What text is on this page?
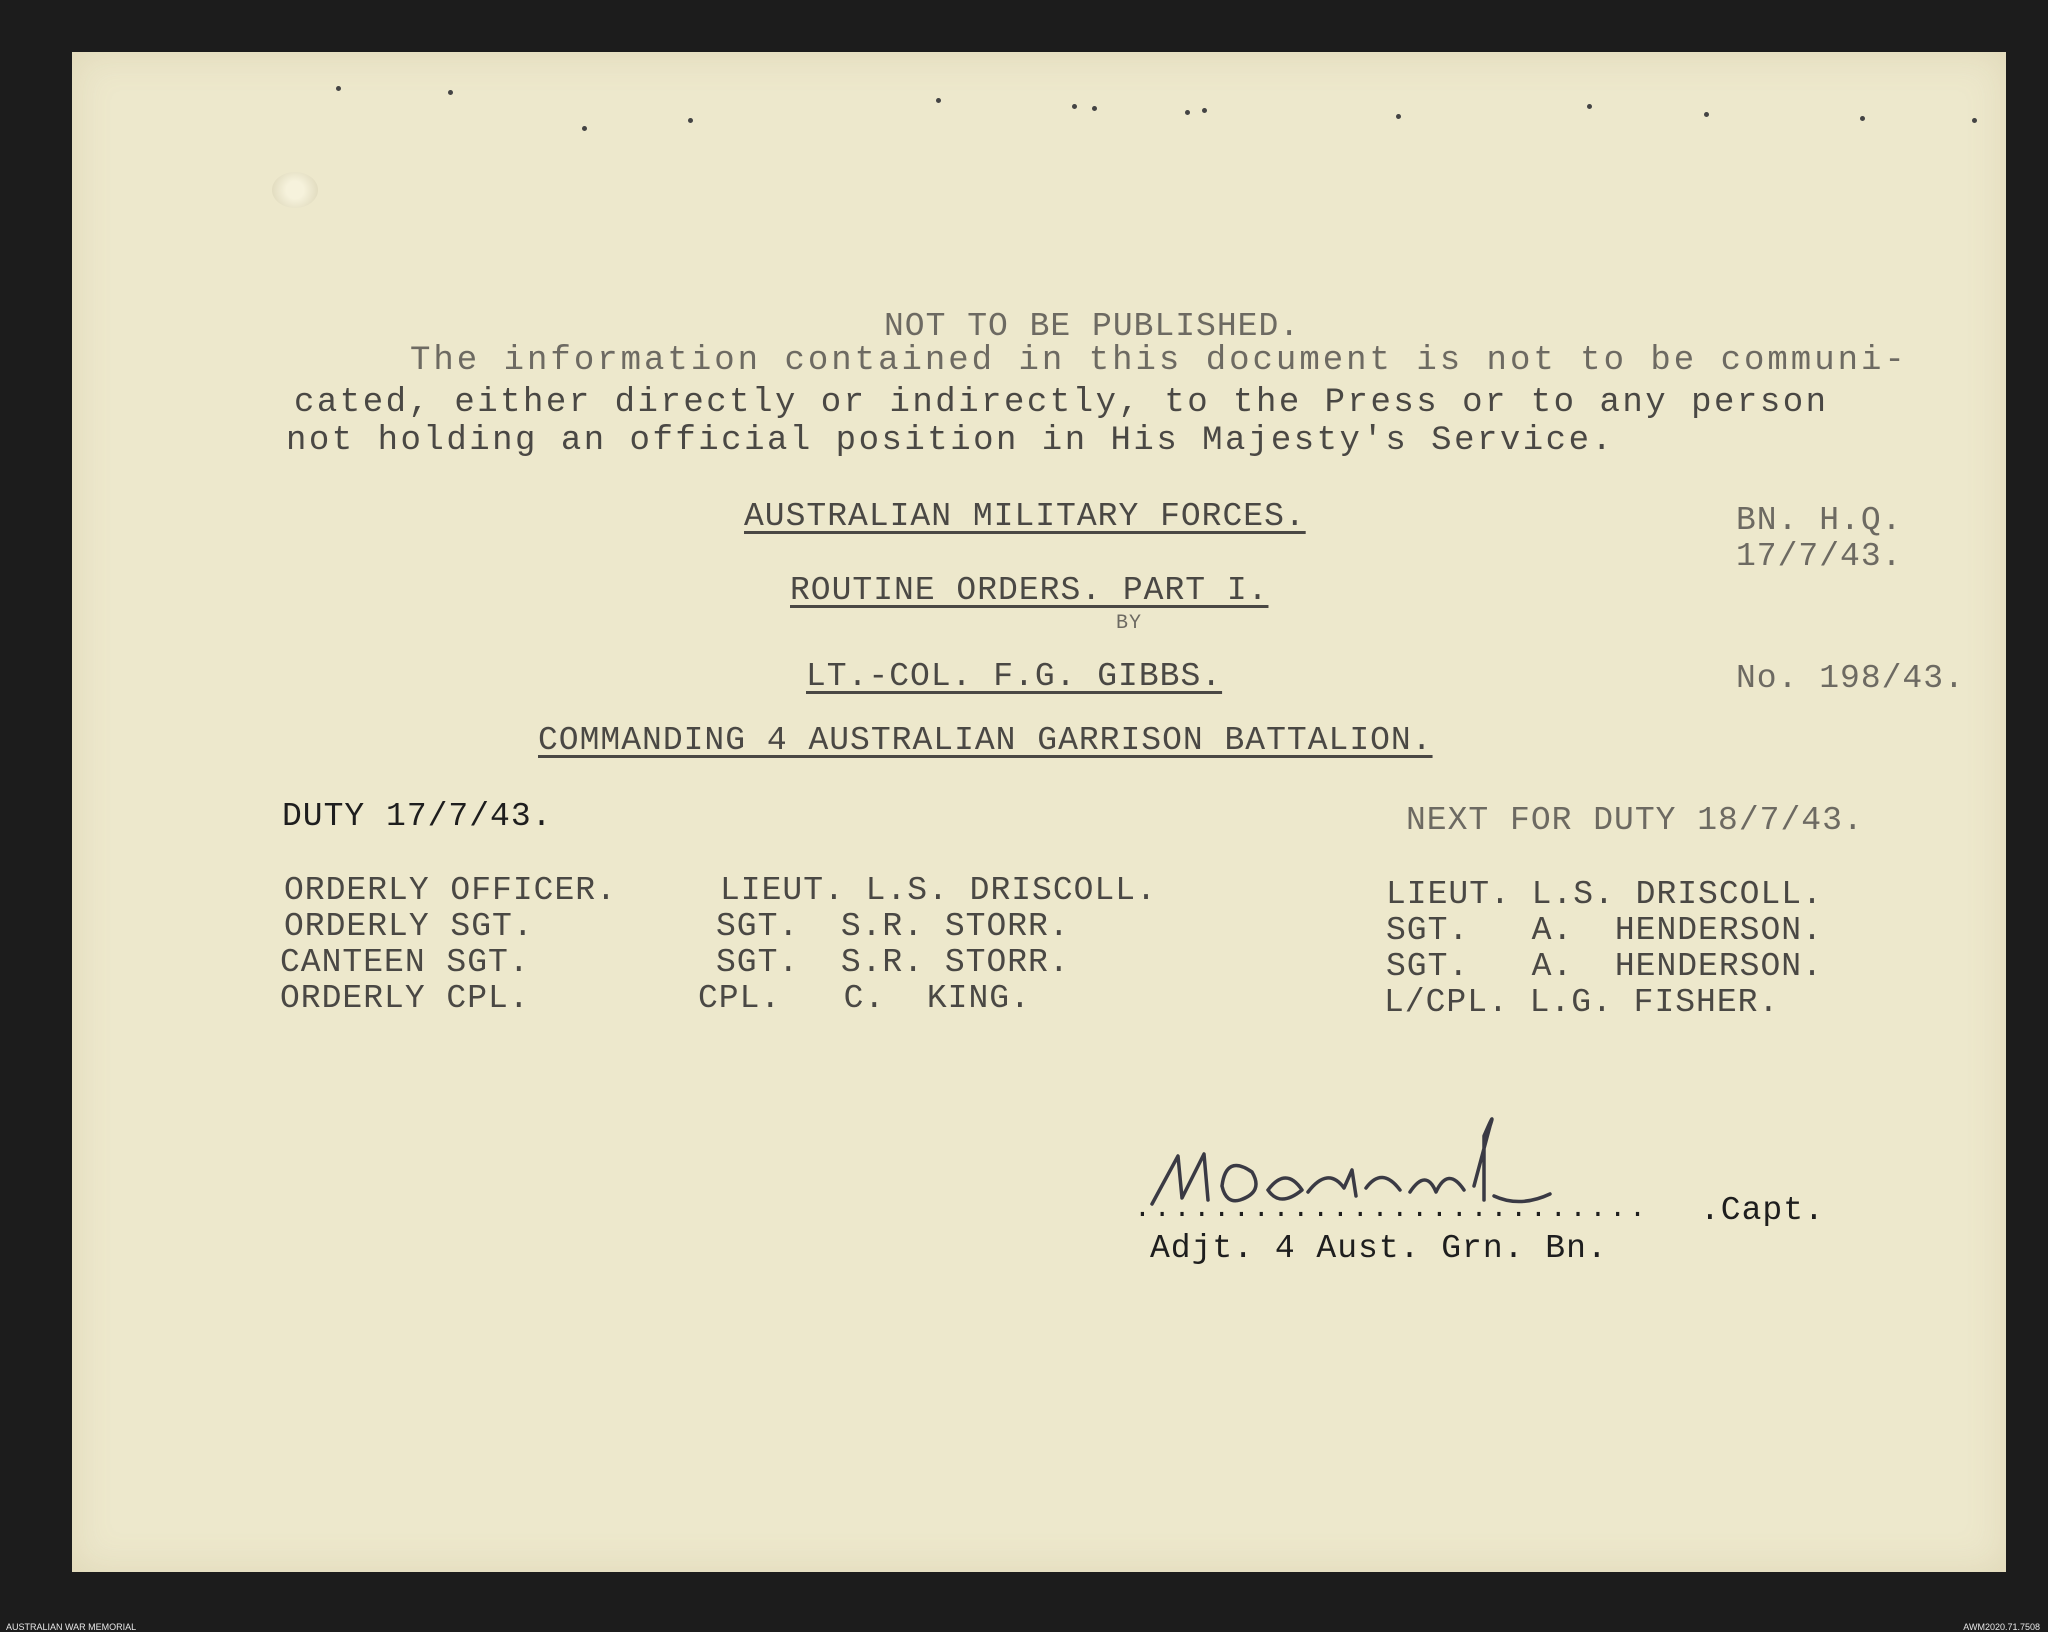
NOT TO BE PUBLISHED.
The information contained in this document is not to be communi-
cated, either directly or indirectly, to the Press or to any person
not holding an official position in His Majesty's Service.
AUSTRALIAN MILITARY FORCES.	BN. H.Q.
17/7/43.
ROUTINE ORDERS. PART I.
BY
LT.-COL. F.G. GIBBS.	No. 198/43.
COMMANDING 4 AUSTRALIAN GARRISON BATTALION.
DUTY 17/7/43.	NEXT FOR DUTY 18/7/43.
ORDERLY OFFICER.	LIEUT. L.S. DRISCOLL.	LIEUT. L.S. DRISCOLL.
ORDERLY SGT.	SGT.  S.R. STORR.	SGT.   A.  HENDERSON.
CANTEEN SGT.	SGT.  S.R. STORR.	SGT.   A.  HENDERSON.
ORDERLY CPL.	CPL.   C.  KING.	L/CPL. L.G. FISHER.
.......................... .Capt.
Adjt. 4 Aust. Grn. Bn.
AUSTRALIAN WAR MEMORIAL	AWM2020.71.7508
